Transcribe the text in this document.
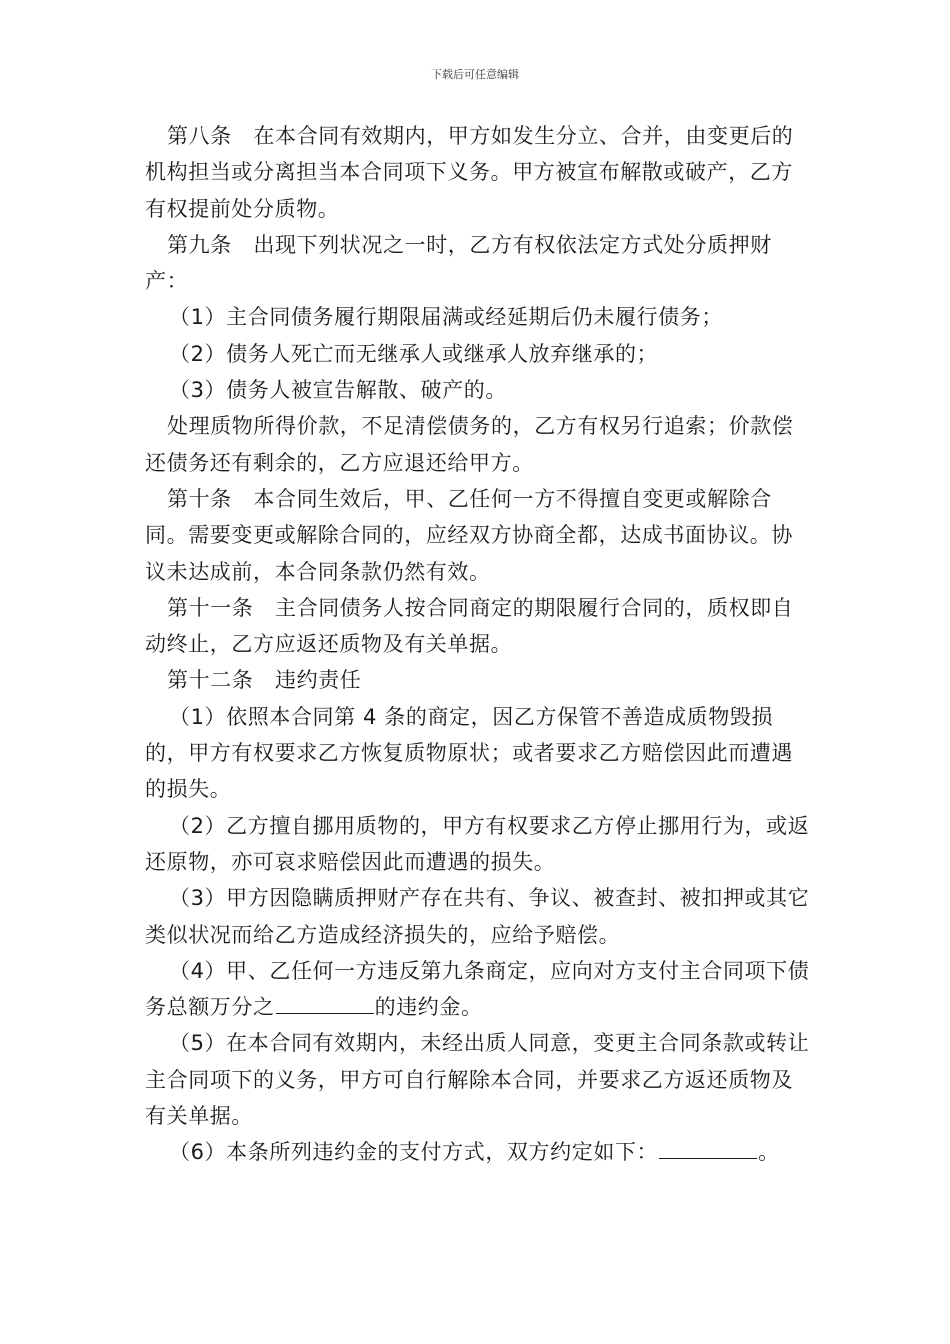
下载后可任意编辑

第八条　在本合同有效期内，甲方如发生分立、合并，由变更后的机构担当或分离担当本合同项下义务。甲方被宣布解散或破产，乙方有权提前处分质物。

第九条　出现下列状况之一时，乙方有权依法定方式处分质押财产：

（1）主合同债务履行期限届满或经延期后仍未履行债务；

（2）债务人死亡而无继承人或继承人放弃继承的；

（3）债务人被宣告解散、破产的。

处理质物所得价款，不足清偿债务的，乙方有权另行追索；价款偿还债务还有剩余的，乙方应退还给甲方。

第十条　本合同生效后，甲、乙任何一方不得擅自变更或解除合同。需要变更或解除合同的，应经双方协商全都，达成书面协议。协议未达成前，本合同条款仍然有效。

第十一条　主合同债务人按合同商定的期限履行合同的，质权即自动终止，乙方应返还质物及有关单据。

第十二条　违约责任

（1）依照本合同第 4 条的商定，因乙方保管不善造成质物毁损的，甲方有权要求乙方恢复质物原状；或者要求乙方赔偿因此而遭遇的损失。

（2）乙方擅自挪用质物的，甲方有权要求乙方停止挪用行为，或返还原物，亦可哀求赔偿因此而遭遇的损失。

（3）甲方因隐瞒质押财产存在共有、争议、被查封、被扣押或其它类似状况而给乙方造成经济损失的，应给予赔偿。

（4）甲、乙任何一方违反第九条商定，应向对方支付主合同项下债务总额万分之	的违约金。

（5）在本合同有效期内，未经出质人同意，变更主合同条款或转让主合同项下的义务，甲方可自行解除本合同，并要求乙方返还质物及有关单据。

（6）本条所列违约金的支付方式，双方约定如下：	。
